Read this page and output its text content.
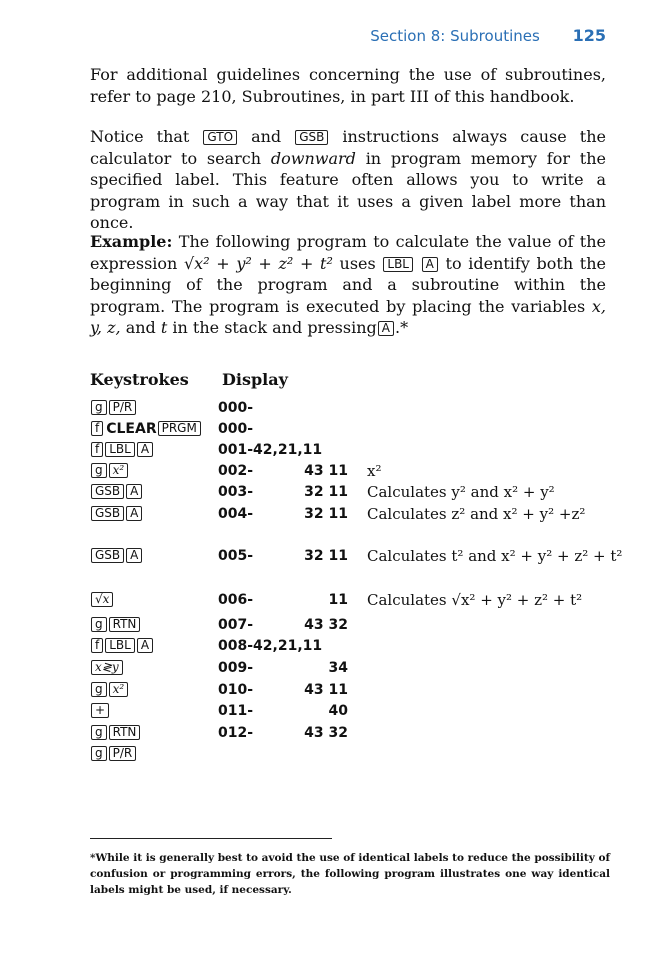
Section 8: Subroutines 125
For additional guidelines concerning the use of subroutines, refer to page 210, Subroutines, in part III of this handbook.
Notice that GTO and GSB instructions always cause the calculator to search downward in program memory for the specified label. This feature often allows you to write a program in such a way that it uses a given label more than once.
Example: The following program to calculate the value of the expression √x² + y² + z² + t² uses LBL A to identify both the beginning of the program and a subroutine within the program. The program is executed by placing the variables x, y, z, and t in the stack and pressing A .*
Keystrokes Display
g P/R	000-
f CLEAR PRGM	000-
f LBL A	001-42,21,11
g x²	002-	43 11 x²
GSB A	003-	32 11 Calculates y² and x² + y²
GSB A	004-	32 11 Calculates z² and x² + y² +z²
GSB A	005-	32 11 Calculates t² and x² + y² + z² + t²
√x	006-	11 Calculates √x² + y² + z² + t²
g RTN	007-	43 32
f LBL A	008-42,21,11
x≷y	009-	34
g x²	010-	43 11
+	011-	40
g RTN	012-	43 32
g P/R
*While it is generally best to avoid the use of identical labels to reduce the possibility of confusion or programming errors, the following program illustrates one way identical labels might be used, if necessary.
